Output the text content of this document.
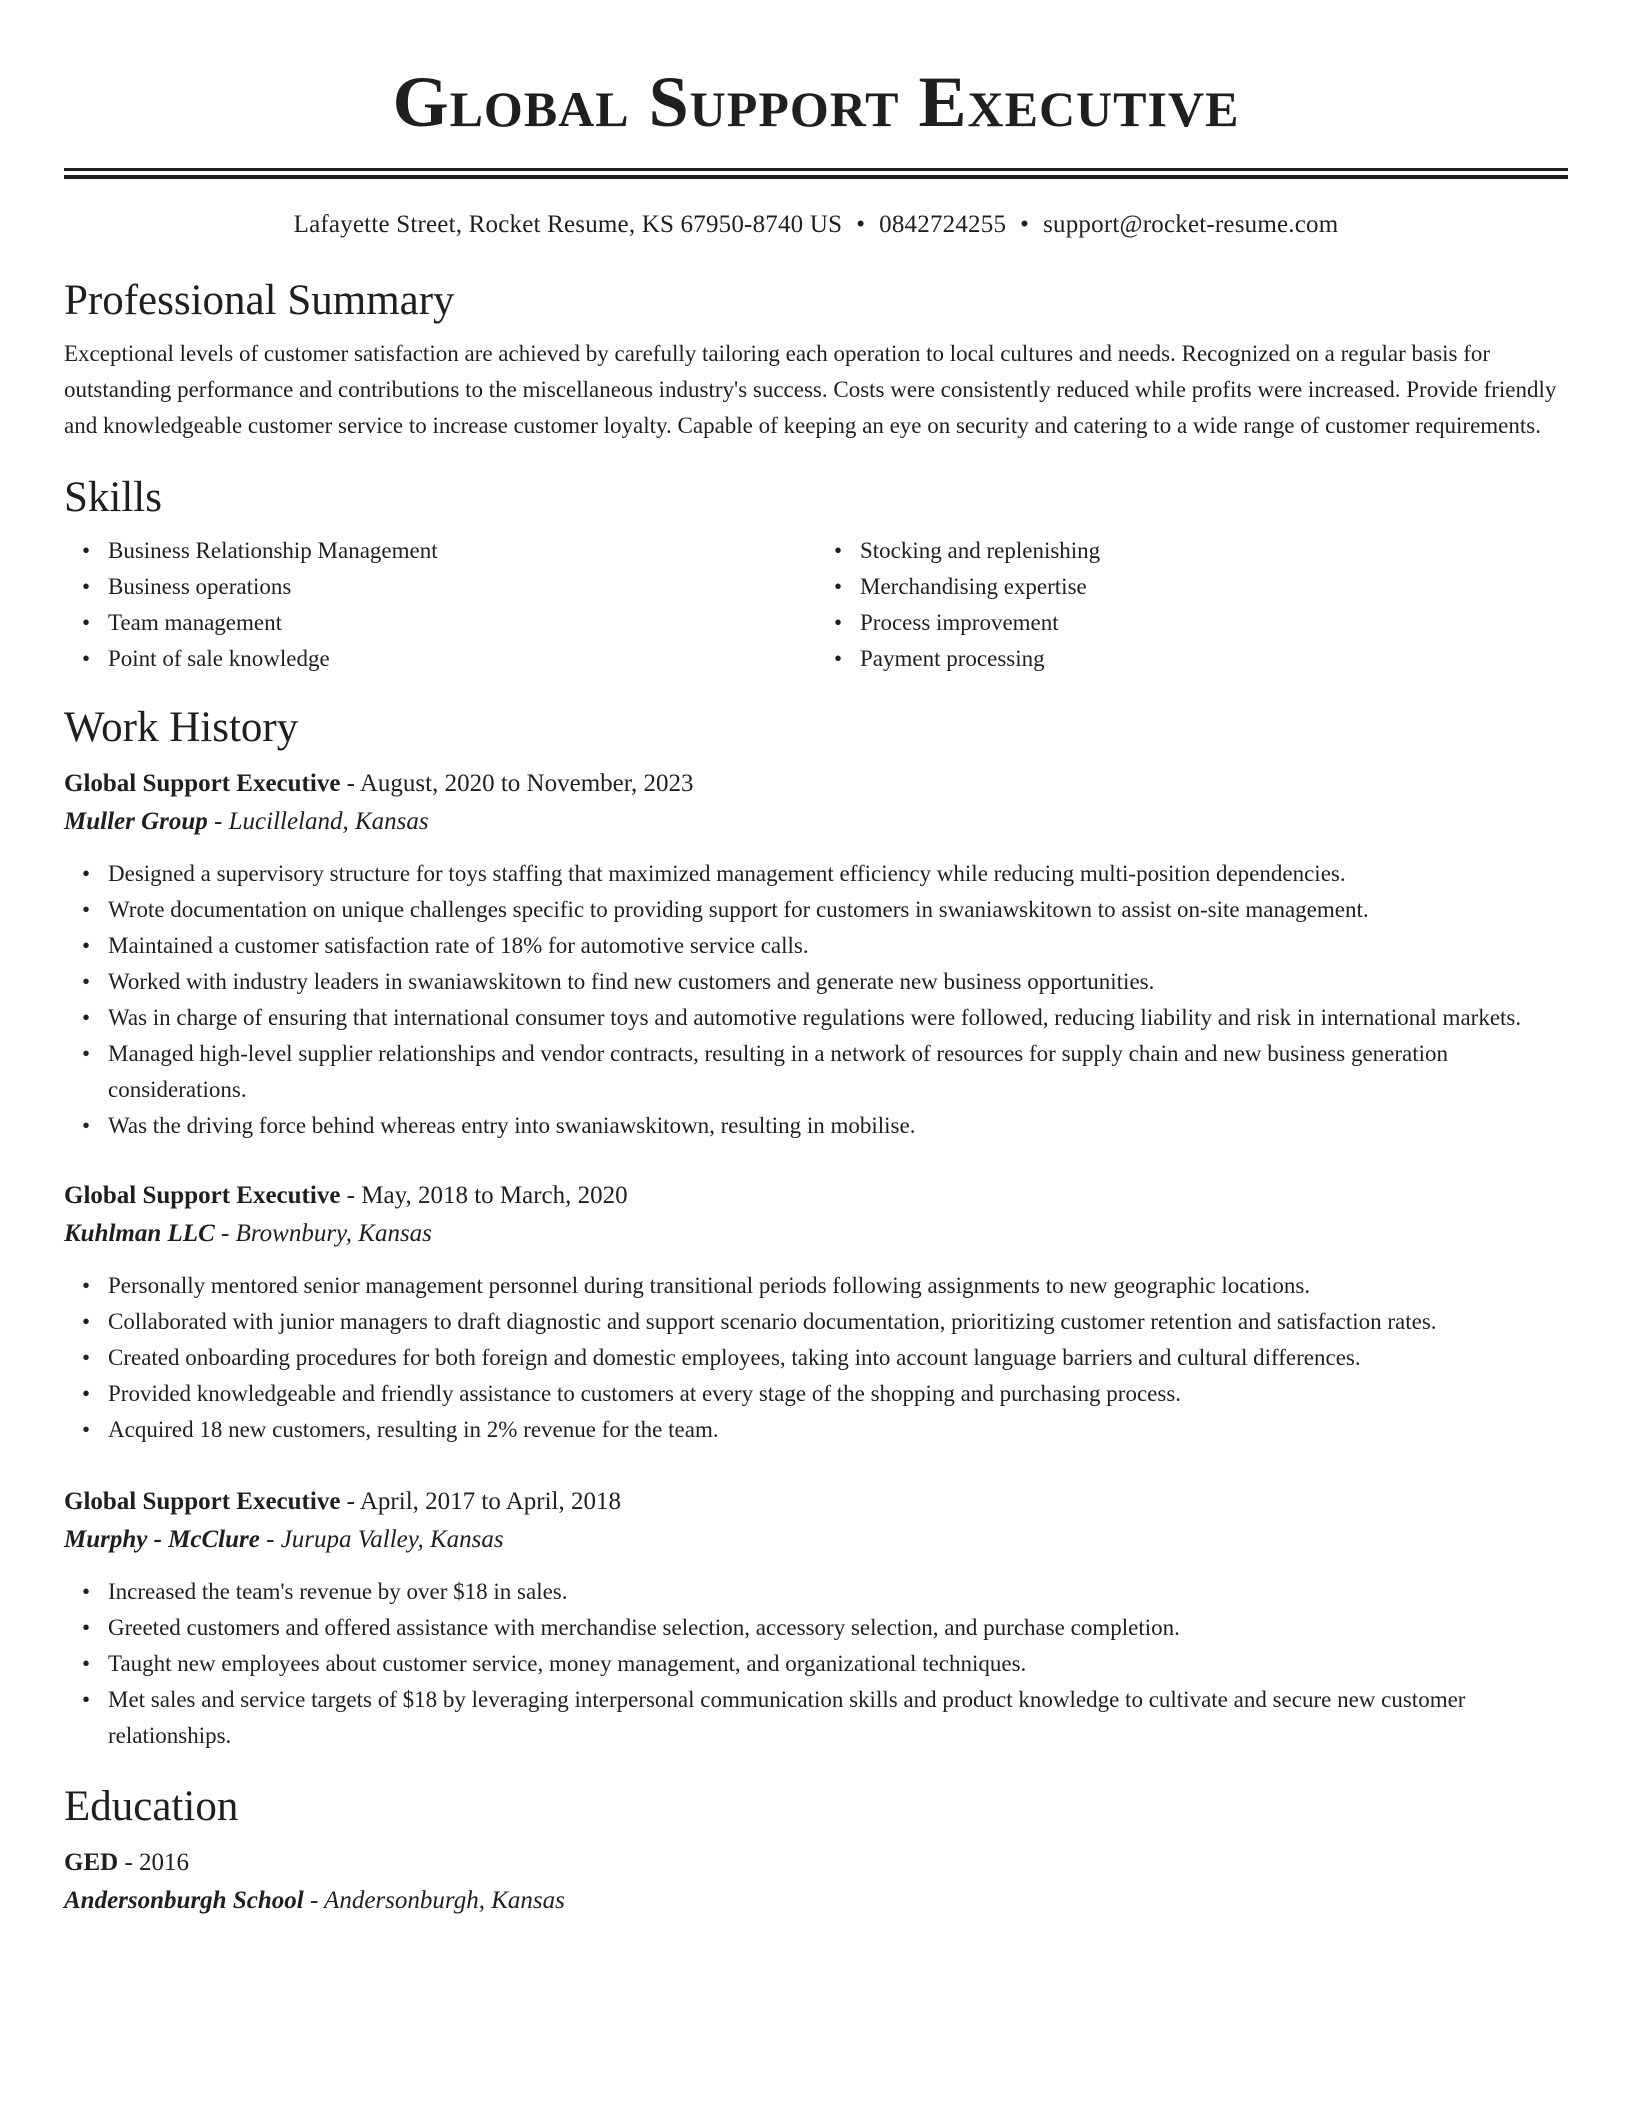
Global Support Executive
Lafayette Street, Rocket Resume, KS 67950-8740 US • 0842724255 • support@rocket-resume.com
Professional Summary

Exceptional levels of customer satisfaction are achieved by carefully tailoring each operation to local cultures and needs. Recognized on a regular basis for outstanding performance and contributions to the miscellaneous industry's success. Costs were consistently reduced while profits were increased. Provide friendly and knowledgeable customer service to increase customer loyalty. Capable of keeping an eye on security and catering to a wide range of customer requirements.

Skills
• Business Relationship Management
• Business operations
• Team management
• Point of sale knowledge
• Stocking and replenishing
• Merchandising expertise
• Process improvement
• Payment processing
Work History
Global Support Executive - August, 2020 to November, 2023
Muller Group - Lucilleland, Kansas
• Designed a supervisory structure for toys staffing that maximized management efficiency while reducing multi-position dependencies.
• Wrote documentation on unique challenges specific to providing support for customers in swaniawskitown to assist on-site management.
• Maintained a customer satisfaction rate of 18% for automotive service calls.
• Worked with industry leaders in swaniawskitown to find new customers and generate new business opportunities.
• Was in charge of ensuring that international consumer toys and automotive regulations were followed, reducing liability and risk in international markets.
• Managed high-level supplier relationships and vendor contracts, resulting in a network of resources for supply chain and new business generation considerations.
• Was the driving force behind whereas entry into swaniawskitown, resulting in mobilise.
Global Support Executive - May, 2018 to March, 2020
Kuhlman LLC - Brownbury, Kansas
• Personally mentored senior management personnel during transitional periods following assignments to new geographic locations.
• Collaborated with junior managers to draft diagnostic and support scenario documentation, prioritizing customer retention and satisfaction rates.
• Created onboarding procedures for both foreign and domestic employees, taking into account language barriers and cultural differences.
• Provided knowledgeable and friendly assistance to customers at every stage of the shopping and purchasing process.
• Acquired 18 new customers, resulting in 2% revenue for the team.
Global Support Executive - April, 2017 to April, 2018
Murphy - McClure - Jurupa Valley, Kansas
• Increased the team's revenue by over $18 in sales.
• Greeted customers and offered assistance with merchandise selection, accessory selection, and purchase completion.
• Taught new employees about customer service, money management, and organizational techniques.
• Met sales and service targets of $18 by leveraging interpersonal communication skills and product knowledge to cultivate and secure new customer relationships.
Education
GED - 2016
Andersonburgh School - Andersonburgh, Kansas
